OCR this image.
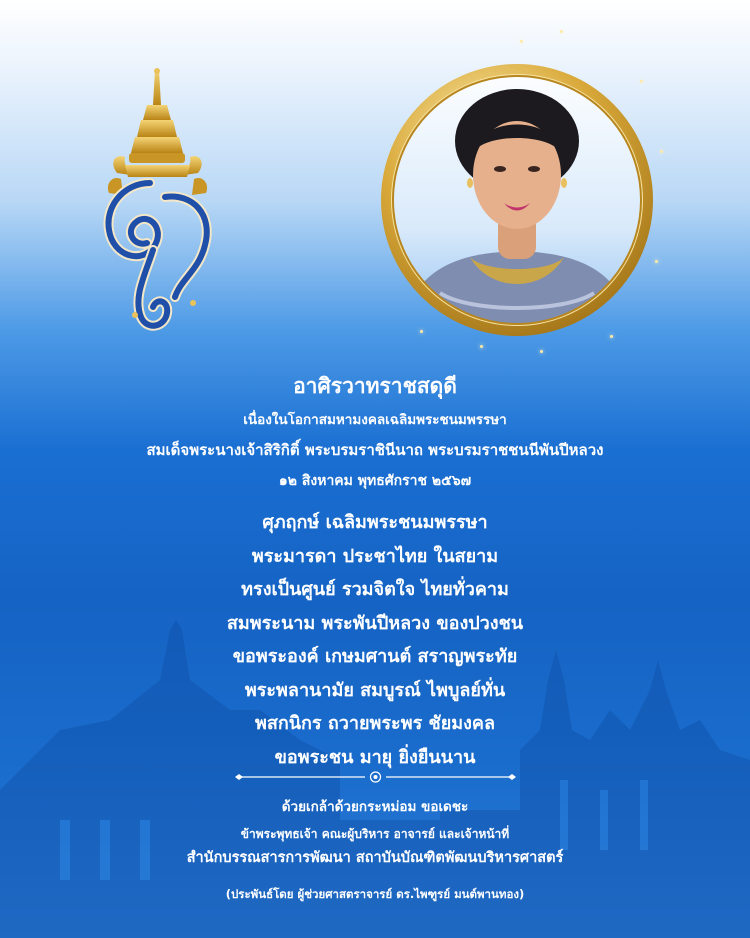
อาศิรวาทราชสดุดี
เนื่องในโอกาสมหามงคลเฉลิมพระชนมพรรษา
สมเด็จพระนางเจ้าสิริกิติ์ พระบรมราชินีนาถ พระบรมราชชนนีพันปีหลวง
๑๒ สิงหาคม พุทธศักราช ๒๕๖๗
ศุภฤกษ์ เฉลิมพระชนมพรรษา
พระมารดา ประชาไทย ในสยาม
ทรงเป็นศูนย์ รวมจิตใจ ไทยทั่วคาม
สมพระนาม พระพันปีหลวง ของปวงชน
ขอพระองค์ เกษมศานต์ สราญพระทัย
พระพลานามัย สมบูรณ์ ไพบูลย์ทั่น
พสกนิกร ถวายพระพร ชัยมงคล
ขอพระชน มายุ ยิ่งยืนนาน
ด้วยเกล้าด้วยกระหม่อม ขอเดชะ
ข้าพระพุทธเจ้า คณะผู้บริหาร อาจารย์ และเจ้าหน้าที่
สำนักบรรณสารการพัฒนา สถาบันบัณฑิตพัฒนบริหารศาสตร์
(ประพันธ์โดย ผู้ช่วยศาสตราจารย์ ดร.ไพฑูรย์ มนต์พานทอง)
